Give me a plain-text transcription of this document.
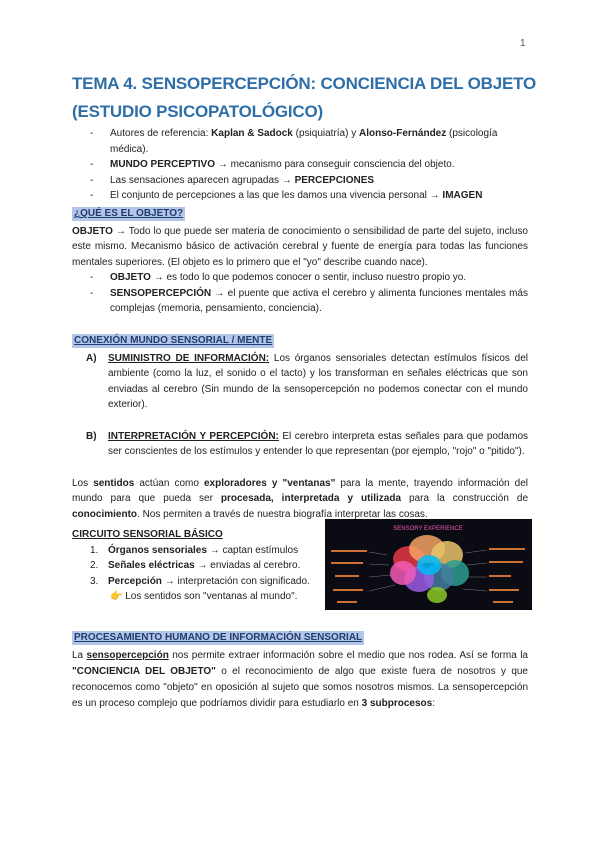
1
TEMA 4. SENSOPERCEPCIÓN: CONCIENCIA DEL OBJETO (ESTUDIO PSICOPATOLÓGICO)
- Autores de referencia: Kaplan & Sadock (psiquiatría) y Alonso-Fernández (psicología médica).
- MUNDO PERCEPTIVO → mecanismo para conseguir consciencia del objeto.
- Las sensaciones aparecen agrupadas → PERCEPCIONES
- El conjunto de percepciones a las que les damos una vivencia personal → IMAGEN
¿QUÉ ES EL OBJETO?
OBJETO → Todo lo que puede ser materia de conocimiento o sensibilidad de parte del sujeto, incluso este mismo. Mecanismo básico de activación cerebral y fuente de energía para todas las funciones mentales superiores. (El objeto es lo primero que el "yo" describe cuando nace).
- OBJETO → es todo lo que podemos conocer o sentir, incluso nuestro propio yo.
- SENSOPERCEPCIÓN → el puente que activa el cerebro y alimenta funciones mentales más complejas (memoria, pensamiento, conciencia).
CONEXIÓN MUNDO SENSORIAL / MENTE
A) SUMINISTRO DE INFORMACIÓN: Los órganos sensoriales detectan estímulos físicos del ambiente (como la luz, el sonido o el tacto) y los transforman en señales eléctricas que son enviadas al cerebro (Sin mundo de la sensopercepción no podemos conectar con el mundo exterior).
B) INTERPRETACIÓN Y PERCEPCIÓN: El cerebro interpreta estas señales para que podamos ser conscientes de los estímulos y entender lo que representan (por ejemplo, "rojo" o "pitido").
Los sentidos actúan como exploradores y "ventanas" para la mente, trayendo información del mundo para que pueda ser procesada, interpretada y utilizada para la construcción de conocimiento. Nos permiten a través de nuestra biografía interpretar las cosas.
CIRCUITO SENSORIAL BÁSICO
1. Órganos sensoriales → captan estímulos
2. Señales eléctricas → enviadas al cerebro.
3. Percepción → interpretación con significado.
👉 Los sentidos son "ventanas al mundo".
SENSORY EXPERIENCE
PROCESAMIENTO HUMANO DE INFORMACIÓN SENSORIAL
La sensopercepción nos permite extraer información sobre el medio que nos rodea. Así se forma la "CONCIENCIA DEL OBJETO" o el reconocimiento de algo que existe fuera de nosotros y que reconocemos como "objeto" en oposición al sujeto que somos nosotros mismos. La sensopercepción es un proceso complejo que podríamos dividir para estudiarlo en 3 subprocesos:
